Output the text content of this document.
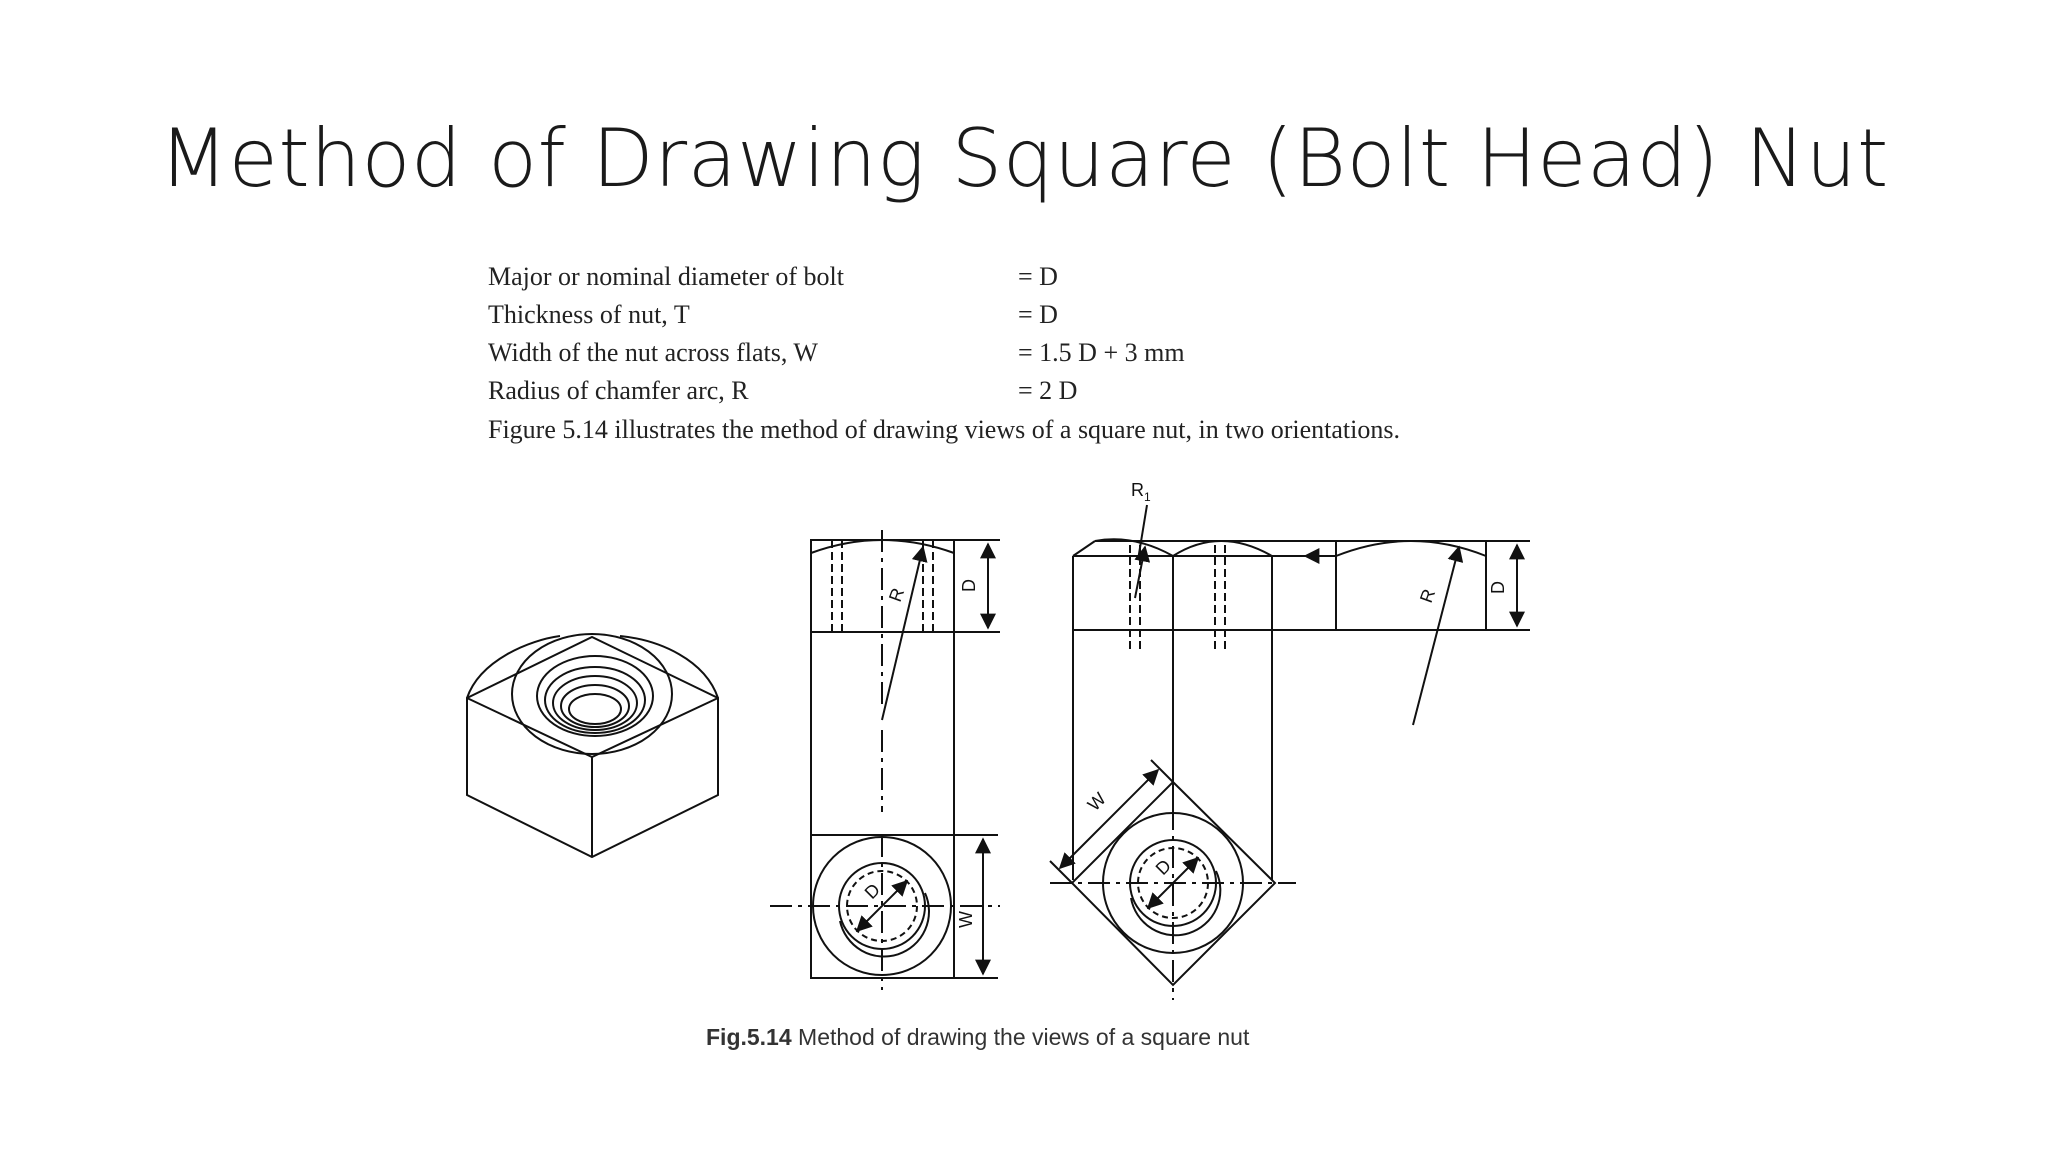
Method of Drawing Square (Bolt Head) Nut
Major or nominal diameter of bolt	= D
Thickness of nut, T	= D
Width of the nut across flats, W	= 1.5 D + 3 mm
Radius of chamfer arc, R	= 2 D
Figure 5.14 illustrates the method of drawing views of a square nut, in two orientations.
R 1
R	D
W
D
R	D
W
D
Fig.5.14 Method of drawing the views of a square nut
